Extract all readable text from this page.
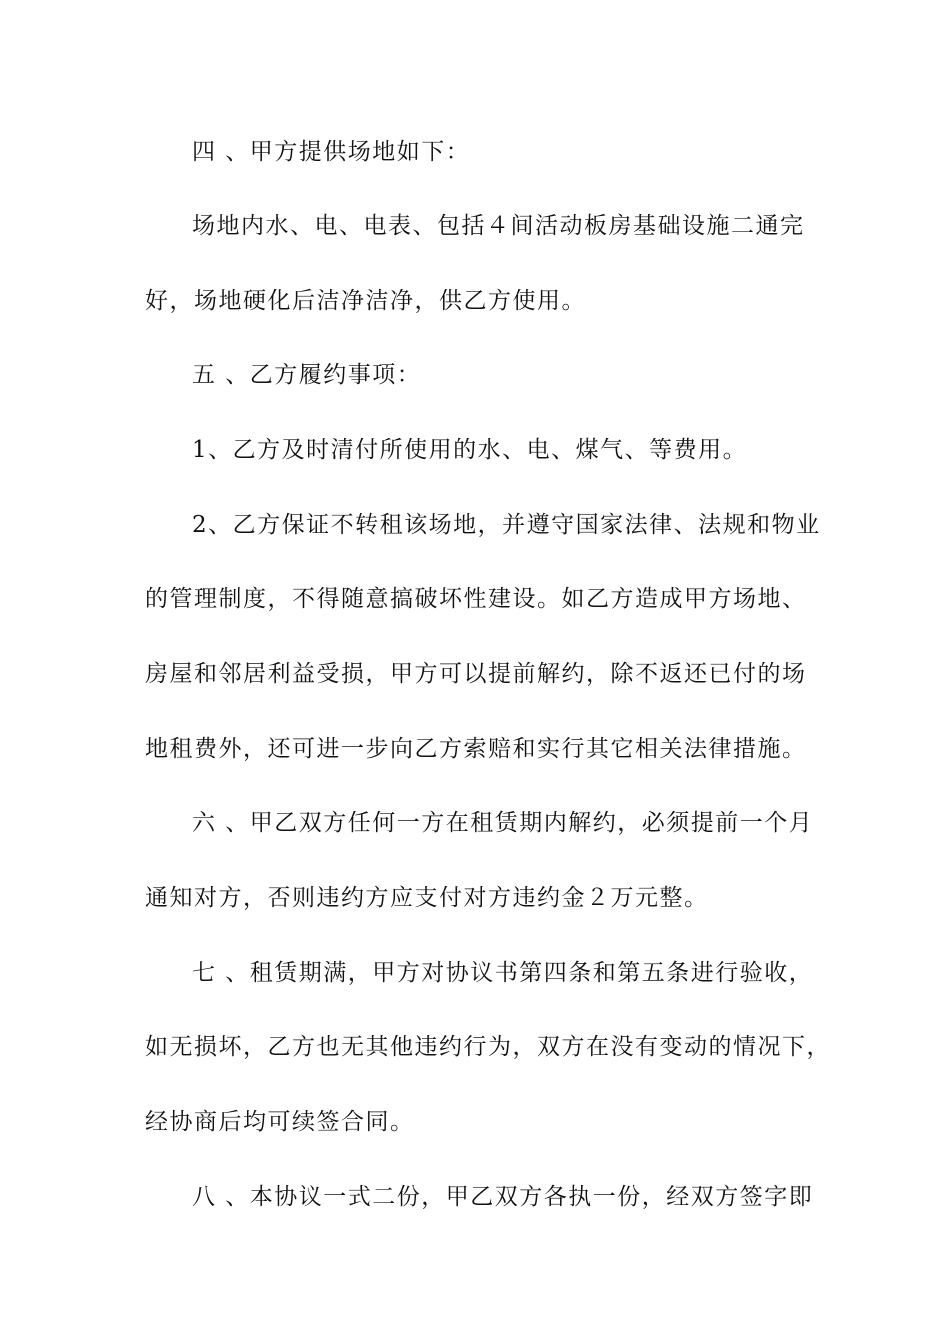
四 、甲方提供场地如下：
场地内水、电、电表、包括４间活动板房基础设施二通完
好，场地硬化后洁净洁净，供乙方使用。
五 、乙方履约事项：
1、乙方及时清付所使用的水、电、煤气、等费用。
2、乙方保证不转租该场地，并遵守国家法律、法规和物业
的管理制度，不得随意搞破坏性建设。如乙方造成甲方场地、
房屋和邻居利益受损，甲方可以提前解约，除不返还已付的场
地租费外，还可进一步向乙方索赔和实行其它相关法律措施。
六 、甲乙双方任何一方在租赁期内解约，必须提前一个月
通知对方，否则违约方应支付对方违约金２万元整。
七 、租赁期满，甲方对协议书第四条和第五条进行验收，
如无损坏，乙方也无其他违约行为，双方在没有变动的情况下，
经协商后均可续签合同。
八 、本协议一式二份，甲乙双方各执一份，经双方签字即
